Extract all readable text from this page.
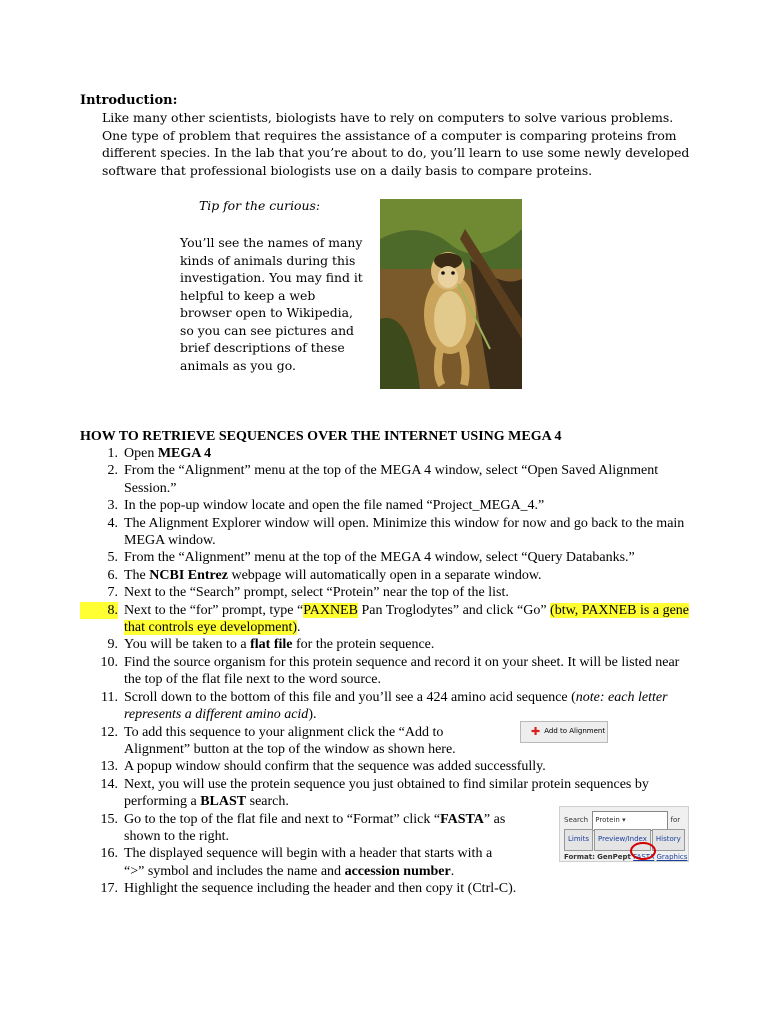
Introduction:
Like many other scientists, biologists have to rely on computers to solve various problems. One type of problem that requires the assistance of a computer is comparing proteins from different species. In the lab that you’re about to do, you’ll learn to use some newly developed software that professional biologists use on a daily basis to compare proteins.
Tip for the curious:
You’ll see the names of many kinds of animals during this investigation. You may find it helpful to keep a web browser open to Wikipedia, so you can see pictures and brief descriptions of these animals as you go.
HOW TO RETRIEVE SEQUENCES OVER THE INTERNET USING MEGA 4
1. Open MEGA 4
2. From the “Alignment” menu at the top of the MEGA 4 window, select “Open Saved Alignment Session.”
3. In the pop-up window locate and open the file named “Project_MEGA_4.”
4. The Alignment Explorer window will open. Minimize this window for now and go back to the main MEGA window.
5. From the “Alignment” menu at the top of the MEGA 4 window, select “Query Databanks.”
6. The NCBI Entrez webpage will automatically open in a separate window.
7. Next to the “Search” prompt, select “Protein” near the top of the list.
8. Next to the “for” prompt, type “PAXNEB Pan Troglodytes” and click “Go” (btw, PAXNEB is a gene that controls eye development).
9. You will be taken to a flat file for the protein sequence.
10. Find the source organism for this protein sequence and record it on your sheet. It will be listed near the top of the flat file next to the word source.
11. Scroll down to the bottom of this file and you’ll see a 424 amino acid sequence (note: each letter represents a different amino acid).
12. To add this sequence to your alignment click the “Add to Alignment” button at the top of the window as shown here.
13. A popup window should confirm that the sequence was added successfully.
14. Next, you will use the protein sequence you just obtained to find similar protein sequences by performing a BLAST search.
15. Go to the top of the flat file and next to “Format” click “FASTA” as shown to the right.
16. The displayed sequence will begin with a header that starts with a “>” symbol and includes the name and accession number.
17. Highlight the sequence including the header and then copy it (Ctrl-C).
✚ Add to Alignment
Search Protein ▾	for
Limits Preview/Index History
Format: GenPept FASTA Graphics
